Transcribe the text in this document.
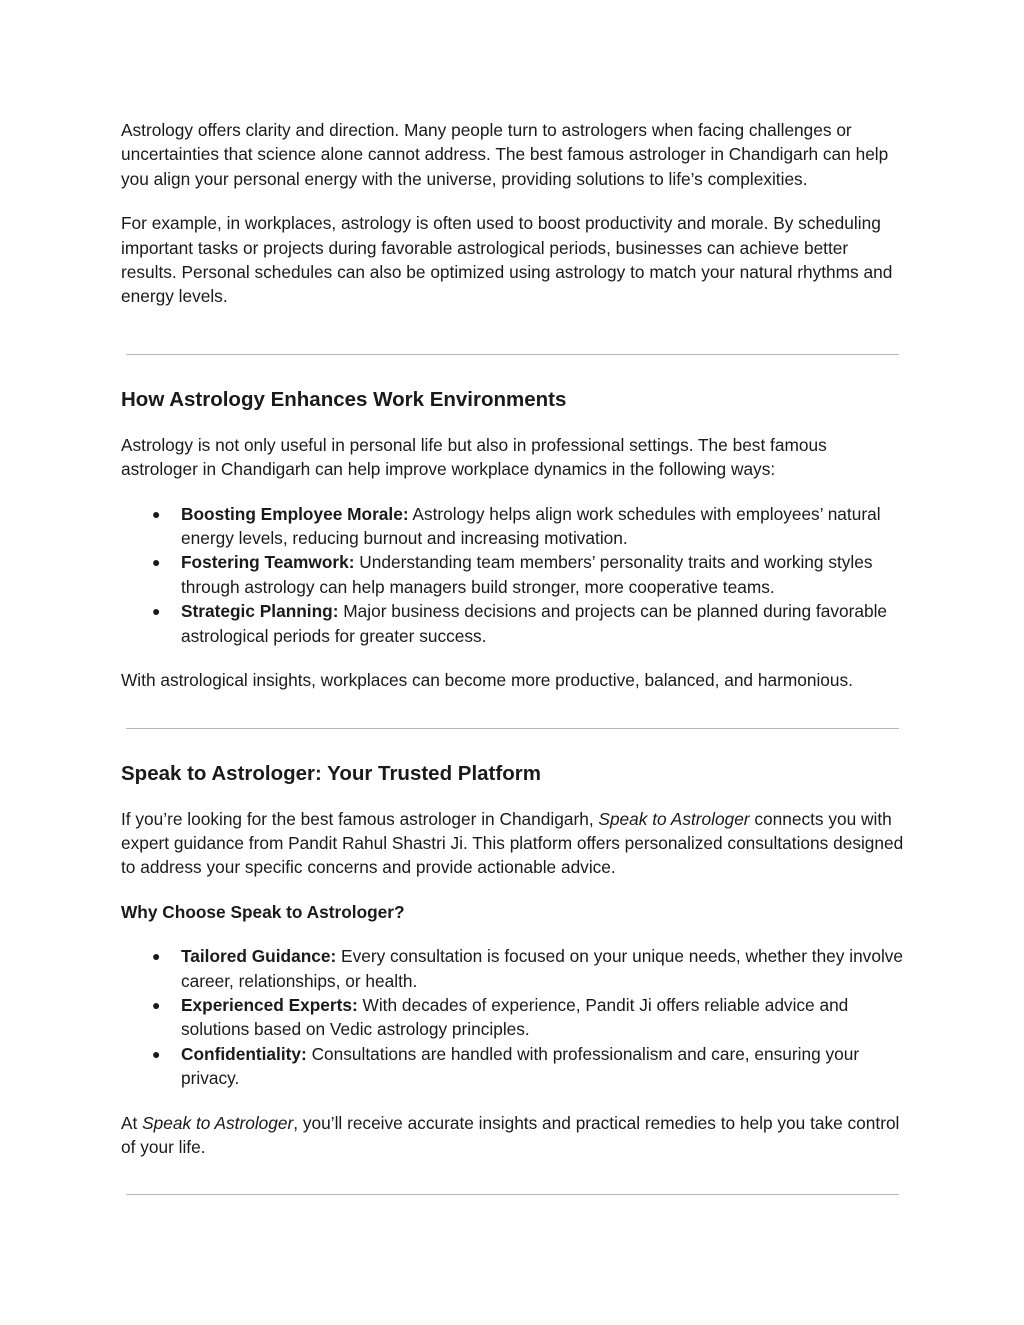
Astrology offers clarity and direction. Many people turn to astrologers when facing challenges or uncertainties that science alone cannot address. The best famous astrologer in Chandigarh can help you align your personal energy with the universe, providing solutions to life’s complexities.

For example, in workplaces, astrology is often used to boost productivity and morale. By scheduling important tasks or projects during favorable astrological periods, businesses can achieve better results. Personal schedules can also be optimized using astrology to match your natural rhythms and energy levels.

How Astrology Enhances Work Environments

Astrology is not only useful in personal life but also in professional settings. The best famous astrologer in Chandigarh can help improve workplace dynamics in the following ways:

● Boosting Employee Morale: Astrology helps align work schedules with employees’ natural energy levels, reducing burnout and increasing motivation.
● Fostering Teamwork: Understanding team members’ personality traits and working styles through astrology can help managers build stronger, more cooperative teams.
● Strategic Planning: Major business decisions and projects can be planned during favorable astrological periods for greater success.

With astrological insights, workplaces can become more productive, balanced, and harmonious.

Speak to Astrologer: Your Trusted Platform

If you’re looking for the best famous astrologer in Chandigarh, Speak to Astrologer connects you with expert guidance from Pandit Rahul Shastri Ji. This platform offers personalized consultations designed to address your specific concerns and provide actionable advice.

Why Choose Speak to Astrologer?
● Tailored Guidance: Every consultation is focused on your unique needs, whether they involve career, relationships, or health.
● Experienced Experts: With decades of experience, Pandit Ji offers reliable advice and solutions based on Vedic astrology principles.
● Confidentiality: Consultations are handled with professionalism and care, ensuring your privacy.

At Speak to Astrologer, you’ll receive accurate insights and practical remedies to help you take control of your life.
